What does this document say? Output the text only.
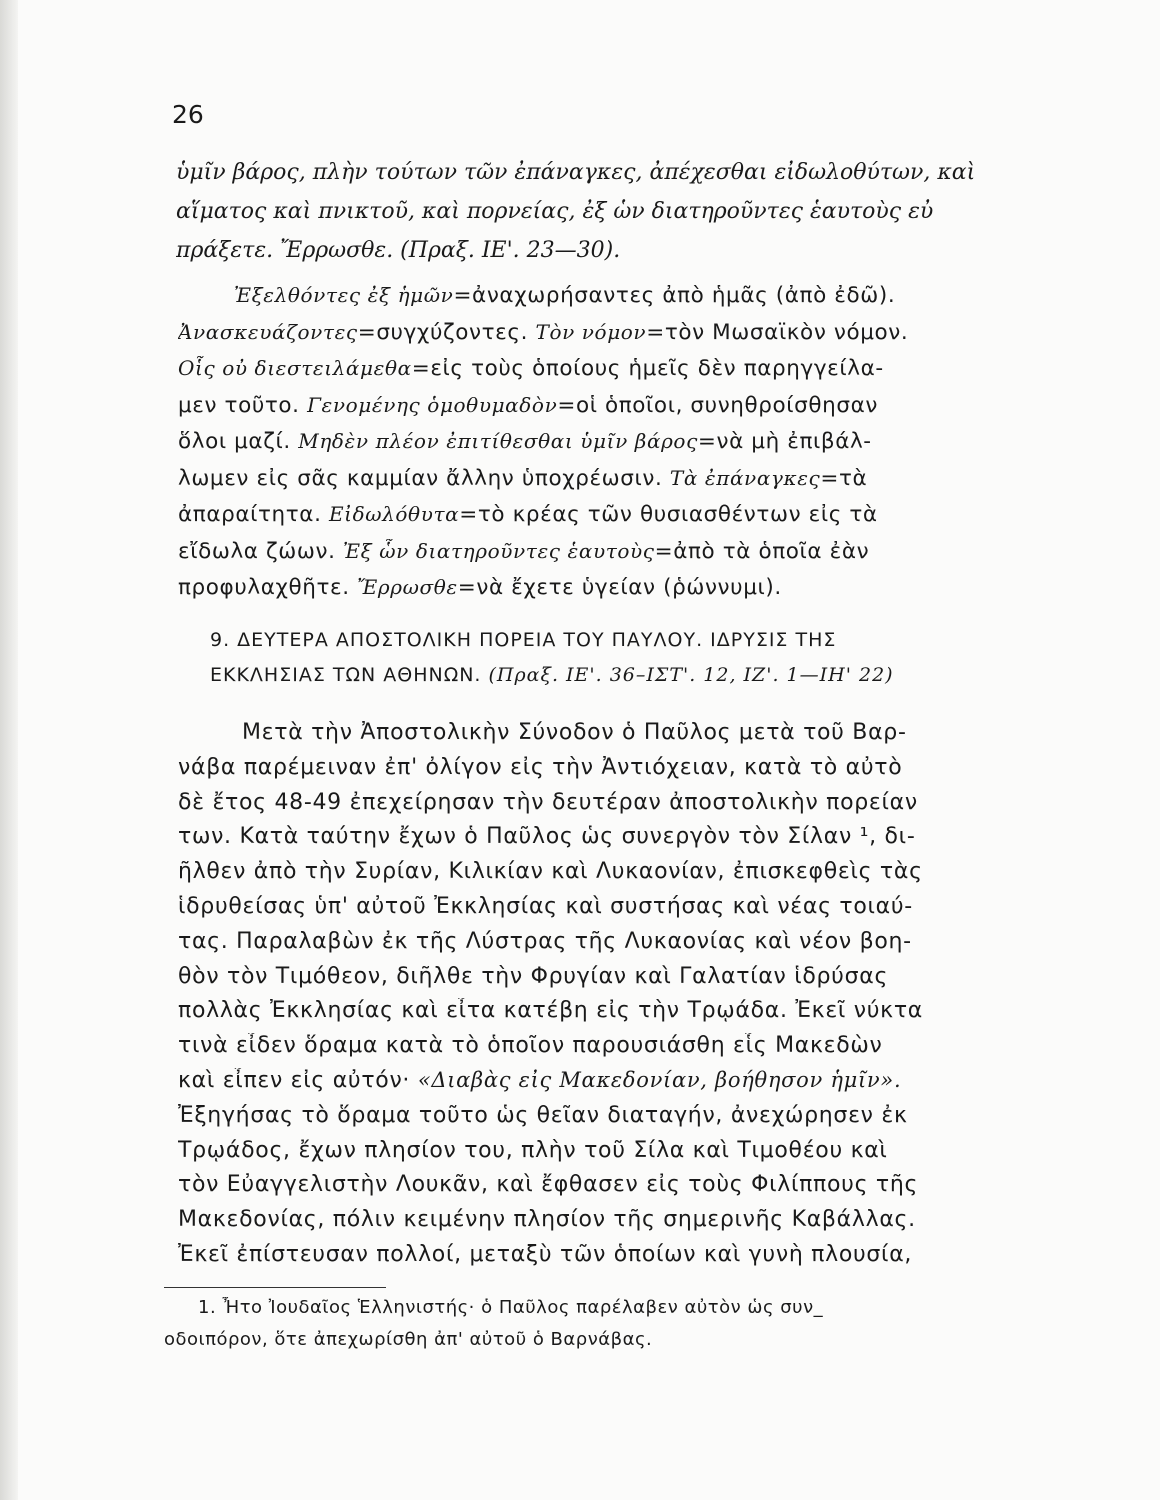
26
ὑμῖν βάρος, πλὴν τούτων τῶν ἐπάναγκες, ἀπέχεσθαι εἰδωλοθύτων, καὶ
αἵματος καὶ πνικτοῦ, καὶ πορνείας, ἐξ ὧν διατηροῦντες ἑαυτοὺς εὖ
πράξετε. Ἔρρωσθε. (Πραξ. ΙΕ'. 23—30).
Ἐξελθόντες ἐξ ἡμῶν=ἀναχωρήσαντες ἀπὸ ἡμᾶς (ἀπὸ ἐδῶ).
Ἀνασκευάζοντες=συγχύζοντες. Τὸν νόμον=τὸν Μωσαϊκὸν νόμον.
Οἷς οὐ διεστειλάμεθα=εἰς τοὺς ὁποίους ἡμεῖς δὲν παρηγγείλα-
μεν τοῦτο. Γενομένης ὁμοθυμαδὸν=οἱ ὁποῖοι, συνηθροίσθησαν
ὅλοι μαζί. Μηδὲν πλέον ἐπιτίθεσθαι ὑμῖν βάρος=νὰ μὴ ἐπιβάλ-
λωμεν εἰς σᾶς καμμίαν ἄλλην ὑποχρέωσιν. Τὰ ἐπάναγκες=τὰ
ἀπαραίτητα. Εἰδωλόθυτα=τὸ κρέας τῶν θυσιασθέντων εἰς τὰ
εἴδωλα ζώων. Ἐξ ὧν διατηροῦντες ἑαυτοὺς=ἀπὸ τὰ ὁποῖα ἐὰν
προφυλαχθῆτε. Ἔρρωσθε=νὰ ἔχετε ὑγείαν (ῥώννυμι).
9. ΔΕΥΤΕΡΑ ΑΠΟΣΤΟΛΙΚΗ ΠΟΡΕΙΑ ΤΟΥ ΠΑΥΛΟΥ. ΙΔΡΥΣΙΣ ΤΗΣ
ΕΚΚΛΗΣΙΑΣ ΤΩΝ ΑΘΗΝΩΝ. (Πραξ. ΙΕ'. 36–ΙΣΤ'. 12, ΙΖ'. 1—ΙΗ' 22)
Μετὰ τὴν Ἀποστολικὴν Σύνοδον ὁ Παῦλος μετὰ τοῦ Βαρ-
νάβα παρέμειναν ἐπ' ὀλίγον εἰς τὴν Ἀντιόχειαν, κατὰ τὸ αὐτὸ
δὲ ἔτος 48-49 ἐπεχείρησαν τὴν δευτέραν ἀποστολικὴν πορείαν
των. Κατὰ ταύτην ἔχων ὁ Παῦλος ὡς συνεργὸν τὸν Σίλαν ¹, δι-
ῆλθεν ἀπὸ τὴν Συρίαν, Κιλικίαν καὶ Λυκαονίαν, ἐπισκεφθεὶς τὰς
ἱδρυθείσας ὑπ' αὐτοῦ Ἐκκλησίας καὶ συστήσας καὶ νέας τοιαύ-
τας. Παραλαβὼν ἐκ τῆς Λύστρας τῆς Λυκαονίας καὶ νέον βοη-
θὸν τὸν Τιμόθεον, διῆλθε τὴν Φρυγίαν καὶ Γαλατίαν ἱδρύσας
πολλὰς Ἐκκλησίας καὶ εἶτα κατέβη εἰς τὴν Τρῳάδα. Ἐκεῖ νύκτα
τινὰ εἶδεν ὅραμα κατὰ τὸ ὁποῖον παρουσιάσθη εἷς Μακεδὼν
καὶ εἶπεν εἰς αὐτόν· «Διαβὰς εἰς Μακεδονίαν, βοήθησον ἡμῖν».
Ἐξηγήσας τὸ ὅραμα τοῦτο ὡς θεῖαν διαταγήν, ἀνεχώρησεν ἐκ
Τρῳάδος, ἔχων πλησίον του, πλὴν τοῦ Σίλα καὶ Τιμοθέου καὶ
τὸν Εὐαγγελιστὴν Λουκᾶν, καὶ ἔφθασεν εἰς τοὺς Φιλίππους τῆς
Μακεδονίας, πόλιν κειμένην πλησίον τῆς σημερινῆς Καβάλλας.
Ἐκεῖ ἐπίστευσαν πολλοί, μεταξὺ τῶν ὁποίων καὶ γυνὴ πλουσία,
1. Ἦτο Ἰουδαῖος Ἑλληνιστής· ὁ Παῦλος παρέλαβεν αὐτὸν ὡς συν_
οδοιπόρον, ὅτε ἀπεχωρίσθη ἀπ' αὐτοῦ ὁ Βαρνάβας.
